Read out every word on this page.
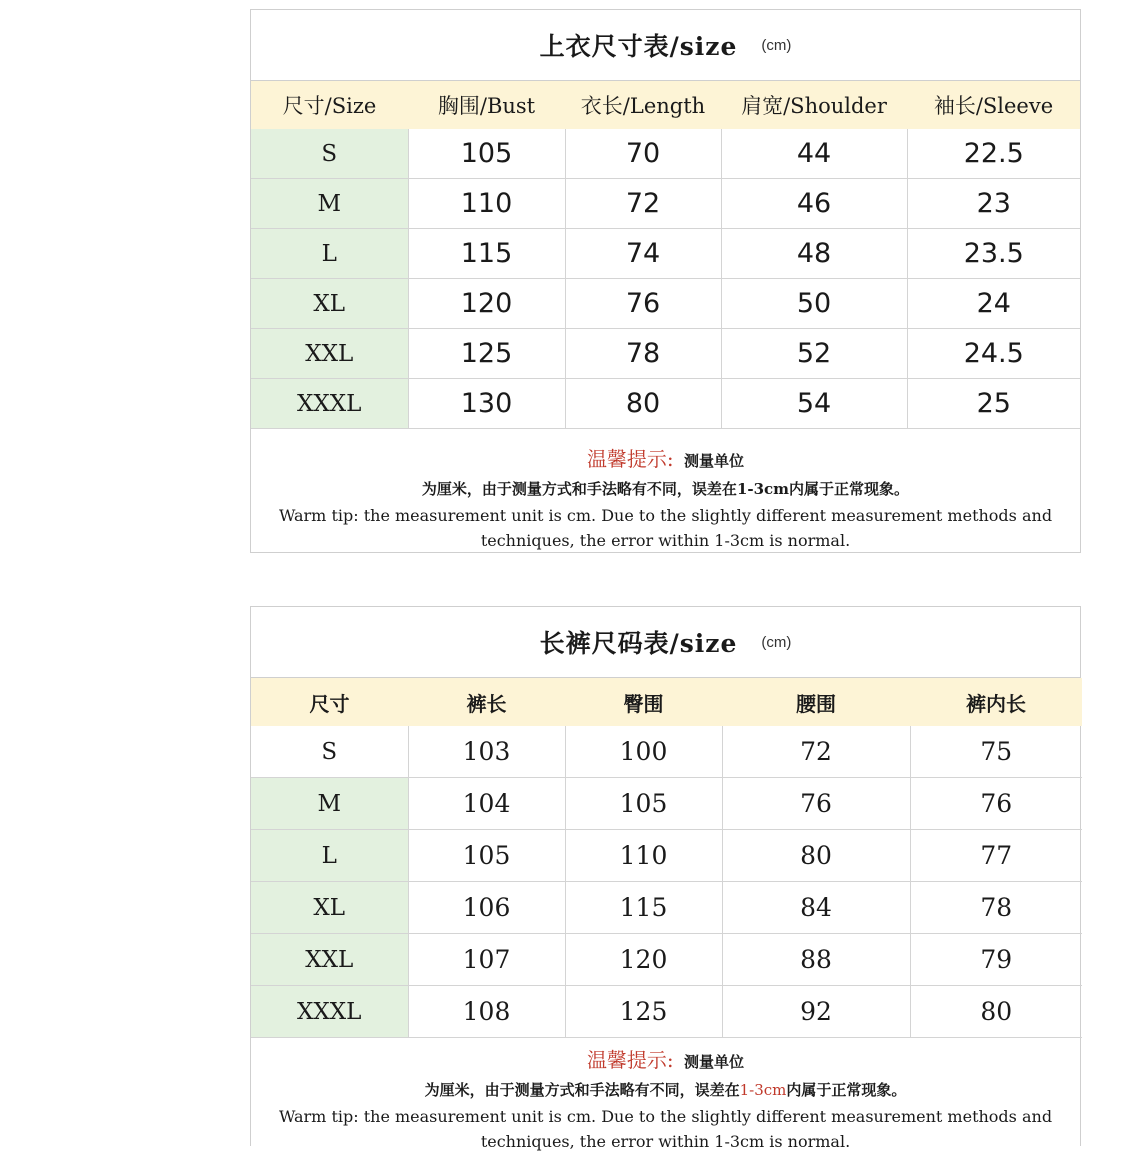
上衣尺寸表/size (cm)
尺寸/Size	胸围/Bust	衣长/Length	肩宽/Shoulder	袖长/Sleeve
S	105	70	44	22.5
M	110	72	46	23
L	115	74	48	23.5
XL	120	76	50	24
XXL	125	78	52	24.5
XXXL	130	80	54	25
温馨提示: 测量单位
为厘米，由于测量方式和手法略有不同，误差在1-3cm内属于正常现象。
Warm tip: the measurement unit is cm. Due to the slightly different measurement methods and techniques, the error within 1-3cm is normal.
长裤尺码表/size (cm)
尺寸	裤长	臀围	腰围	裤内长
S	103	100	72	75
M	104	105	76	76
L	105	110	80	77
XL	106	115	84	78
XXL	107	120	88	79
XXXL	108	125	92	80
温馨提示: 测量单位
为厘米，由于测量方式和手法略有不同，误差在1-3cm内属于正常现象。
Warm tip: the measurement unit is cm. Due to the slightly different measurement methods and techniques, the error within 1-3cm is normal.
